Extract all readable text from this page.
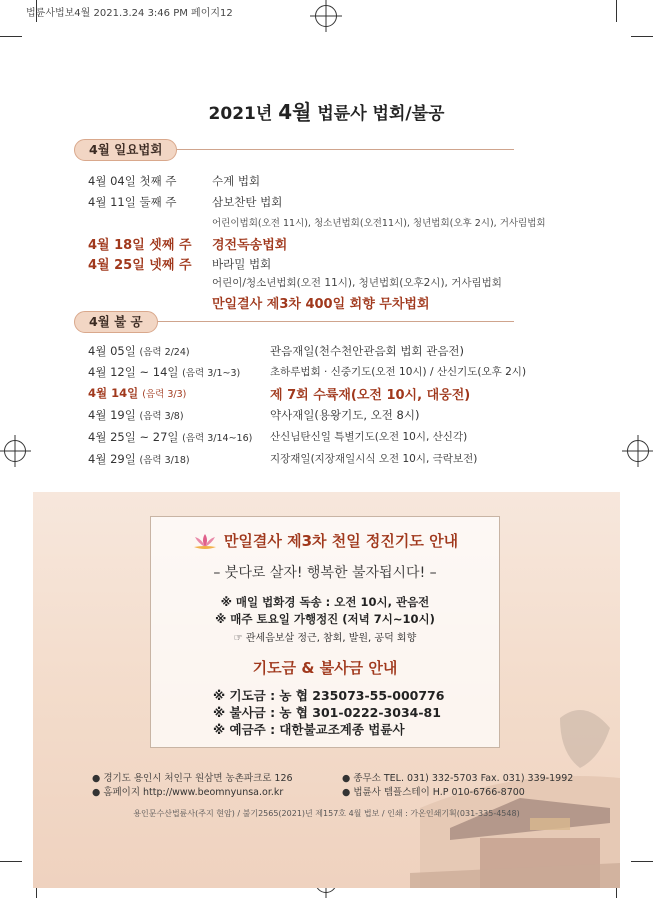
법륜사법보4월 2021.3.24 3:46 PM 페이지12
2021년 4월 법륜사 법회/불공
4월 일요법회
4월 04일 첫째 주	수계 법회
4월 11일 둘째 주	삼보찬탄 법회
어린이법회(오전 11시), 청소년법회(오전11시), 청년법회(오후 2시), 거사림법회
4월 18일 셋째 주 경전독송법회
4월 25일 넷째 주 바라밀 법회
어린이/청소년법회(오전 11시), 청년법회(오후2시), 거사림법회
만일결사 제3차 400일 회향 무차법회
4월 불 공
4월 05일 (음력 2/24)	관음재일(천수천안관음회 법회 관음전)
4월 12일 ~ 14일 (음력 3/1~3)	초하루법회 · 신중기도(오전 10시) / 산신기도(오후 2시)
4월 14일 (음력 3/3)	제 7회 수륙재(오전 10시, 대웅전)
4월 19일 (음력 3/8)	약사재일(용왕기도, 오전 8시)
4월 25일 ~ 27일 (음력 3/14~16) 산신님탄신일 특별기도(오전 10시, 산신각)
4월 29일 (음력 3/18)	지장재일(지장재일시식 오전 10시, 극락보전)
만일결사 제3차 천일 정진기도 안내
– 붓다로 살자! 행복한 불자됩시다! –
※ 매일 법화경 독송 : 오전 10시, 관음전
※ 매주 토요일 가행정진 (저녁 7시~10시)
☞ 관세음보살 정근, 참회, 발원, 공덕 회향
기도금 & 불사금 안내
※ 기도금 : 농 협 235073-55-000776
※ 불사금 : 농 협 301-0222-3034-81
※ 예금주 : 대한불교조계종 법륜사
● 경기도 용인시 처인구 원삼면 농촌파크로 126
● 홈페이지 http://www.beomnyunsa.or.kr
● 종무소 TEL. 031) 332-5703 Fax. 031) 339-1992
● 법륜사 템플스테이 H.P 010-6766-8700
용인문수산법륜사(주지 현암) / 불기2565(2021)년 제157호 4월 법보 / 인쇄 : 가온인쇄기획(031-335-4548)
